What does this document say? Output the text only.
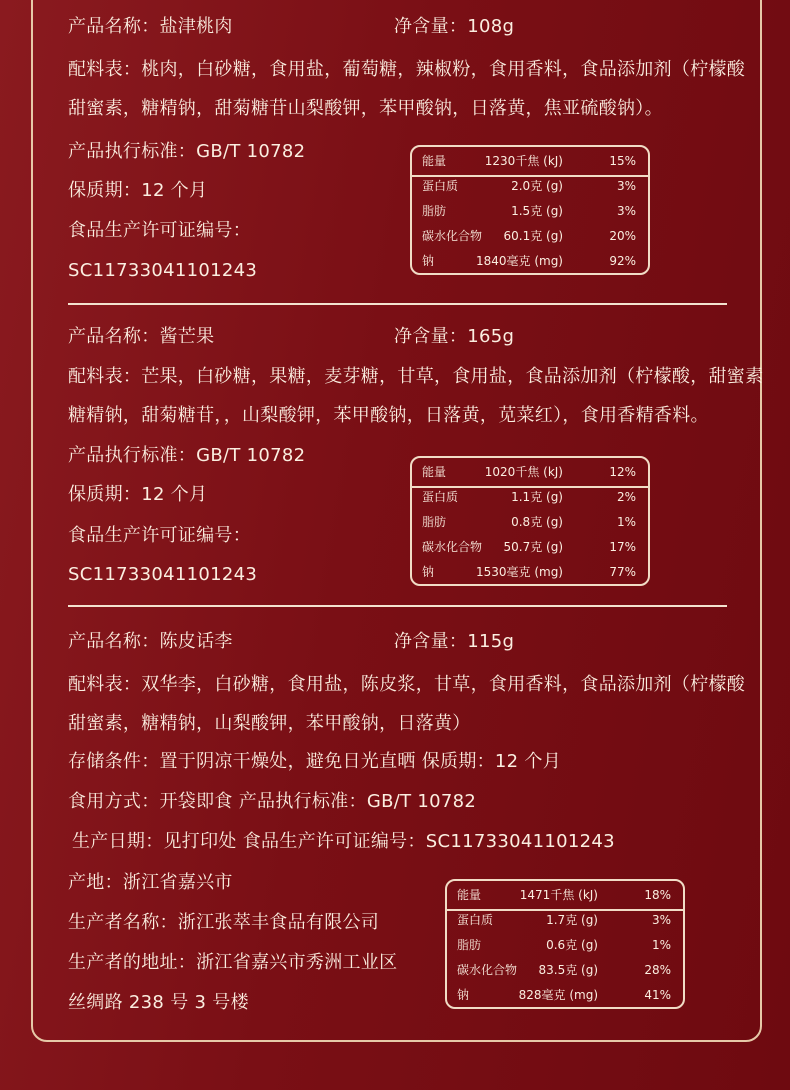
产品名称：盐津桃肉	净含量：108g
配料表：桃肉，白砂糖，食用盐，葡萄糖，辣椒粉，食用香料，食品添加剂（柠檬酸
甜蜜素，糖精钠，甜菊糖苷山梨酸钾，苯甲酸钠，日落黄，焦亚硫酸钠）。
产品执行标准：GB/T 10782
保质期：12 个月
食品生产许可证编号：
SC11733041101243
能量	1230千焦 (kJ)	15%
蛋白质	2.0克 (g)	3%
脂肪	1.5克 (g)	3%
碳水化合物 60.1克 (g)	20%
钠	1840毫克 (mg)	92%
产品名称：酱芒果	净含量：165g
配料表：芒果，白砂糖，果糖，麦芽糖，甘草，食用盐，食品添加剂（柠檬酸，甜蜜素
糖精钠，甜菊糖苷，，山梨酸钾，苯甲酸钠，日落黄，苋菜红），食用香精香料。
产品执行标准：GB/T 10782
保质期：12 个月
食品生产许可证编号：
SC11733041101243
能量	1020千焦 (kJ)	12%
蛋白质	1.1克 (g)	2%
脂肪	0.8克 (g)	1%
碳水化合物 50.7克 (g)	17%
钠	1530毫克 (mg)	77%
产品名称：陈皮话李	净含量：115g
配料表：双华李，白砂糖，食用盐，陈皮浆，甘草，食用香料，食品添加剂（柠檬酸
甜蜜素，糖精钠，山梨酸钾，苯甲酸钠，日落黄）
存储条件：置于阴凉干燥处，避免日光直晒 保质期：12 个月
食用方式：开袋即食 产品执行标准：GB/T 10782
生产日期：见打印处 食品生产许可证编号：SC11733041101243
产地：浙江省嘉兴市
生产者名称：浙江张萃丰食品有限公司
生产者的地址：浙江省嘉兴市秀洲工业区
丝绸路 238 号 3 号楼
能量	1471千焦 (kJ)	18%
蛋白质	1.7克 (g)	3%
脂肪	0.6克 (g)	1%
碳水化合物 83.5克 (g)	28%
钠	828毫克 (mg)	41%
